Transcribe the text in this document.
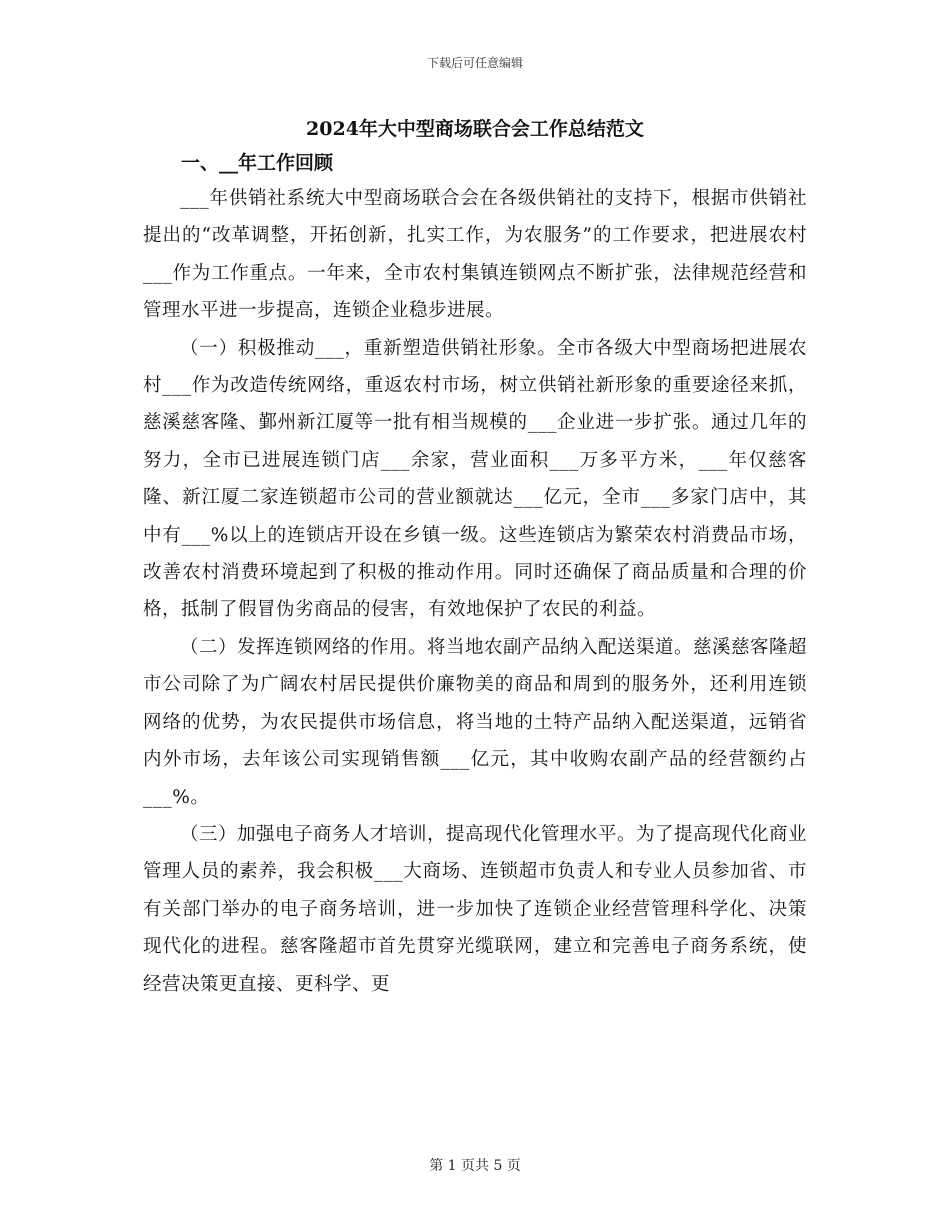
下载后可任意编辑
2024年大中型商场联合会工作总结范文
一、__年工作回顾

___年供销社系统大中型商场联合会在各级供销社的支持下，根据市供销社提出的“改革调整，开拓创新，扎实工作，为农服务”的工作要求，把进展农村___作为工作重点。一年来，全市农村集镇连锁网点不断扩张，法律规范经营和管理水平进一步提高，连锁企业稳步进展。

（一）积极推动___，重新塑造供销社形象。全市各级大中型商场把进展农村___作为改造传统网络，重返农村市场，树立供销社新形象的重要途径来抓，慈溪慈客隆、鄞州新江厦等一批有相当规模的___企业进一步扩张。通过几年的努力，全市已进展连锁门店___余家，营业面积___万多平方米，___年仅慈客隆、新江厦二家连锁超市公司的营业额就达___亿元，全市___多家门店中，其中有___%以上的连锁店开设在乡镇一级。这些连锁店为繁荣农村消费品市场，改善农村消费环境起到了积极的推动作用。同时还确保了商品质量和合理的价格，抵制了假冒伪劣商品的侵害，有效地保护了农民的利益。

（二）发挥连锁网络的作用。将当地农副产品纳入配送渠道。慈溪慈客隆超市公司除了为广阔农村居民提供价廉物美的商品和周到的服务外，还利用连锁网络的优势，为农民提供市场信息，将当地的土特产品纳入配送渠道，远销省内外市场，去年该公司实现销售额___亿元，其中收购农副产品的经营额约占___%。

（三）加强电子商务人才培训，提高现代化管理水平。为了提高现代化商业管理人员的素养，我会积极___大商场、连锁超市负责人和专业人员参加省、市有关部门举办的电子商务培训，进一步加快了连锁企业经营管理科学化、决策现代化的进程。慈客隆超市首先贯穿光缆联网，建立和完善电子商务系统，使经营决策更直接、更科学、更

第 1 页共 5 页
